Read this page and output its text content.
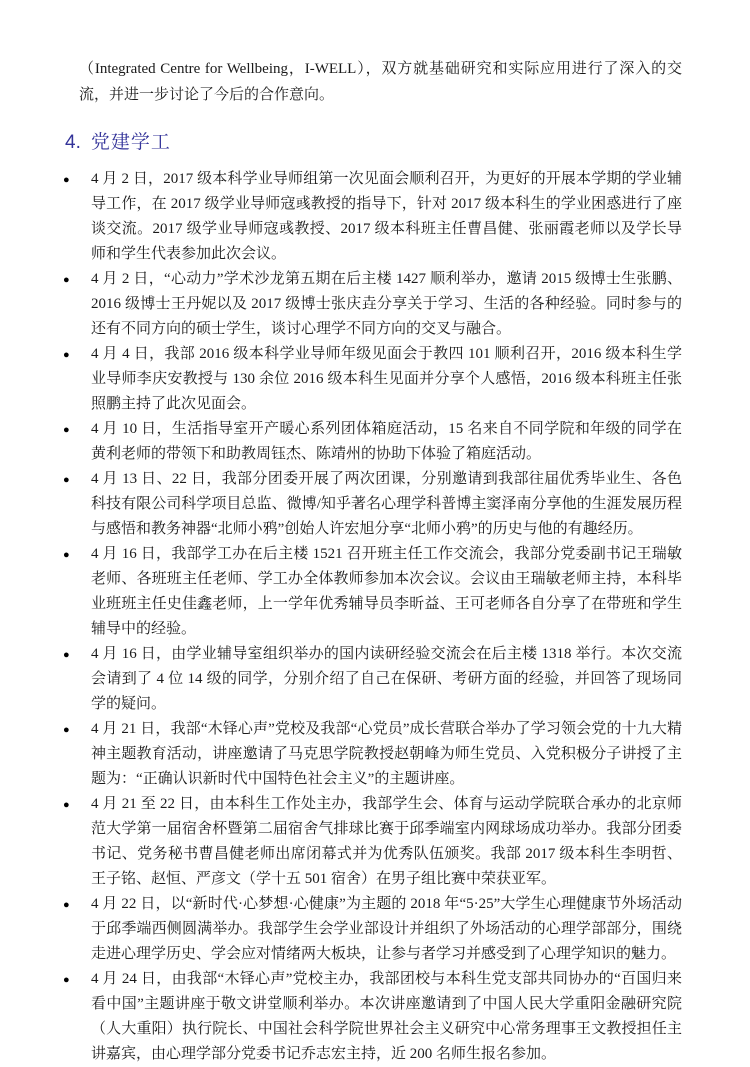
（Integrated Centre for Wellbeing，I-WELL），双方就基础研究和实际应用进行了深入的交流，并进一步讨论了今后的合作意向。

4. 党建学工
●	4 月 2 日，2017 级本科学业导师组第一次见面会顺利召开，为更好的开展本学期的学业辅导工作，在 2017 级学业导师寇彧教授的指导下，针对 2017 级本科生的学业困惑进行了座谈交流。2017 级学业导师寇彧教授、2017 级本科班主任曹昌健、张丽霞老师以及学长导师和学生代表参加此次会议。
●	4 月 2 日，“心动力”学术沙龙第五期在后主楼 1427 顺利举办，邀请 2015 级博士生张鹏、2016 级博士王丹妮以及 2017 级博士张庆垚分享关于学习、生活的各种经验。同时参与的还有不同方向的硕士学生，谈讨心理学不同方向的交叉与融合。
●	4 月 4 日，我部 2016 级本科学业导师年级见面会于教四 101 顺利召开，2016 级本科生学业导师李庆安教授与 130 余位 2016 级本科生见面并分享个人感悟，2016 级本科班主任张照鹏主持了此次见面会。
●	4 月 10 日，生活指导室开产暖心系列团体箱庭活动，15 名来自不同学院和年级的同学在黄利老师的带领下和助教周钰杰、陈靖州的协助下体验了箱庭活动。
●	4 月 13 日、22 日，我部分团委开展了两次团课，分别邀请到我部往届优秀毕业生、各色科技有限公司科学项目总监、微博/知乎著名心理学科普博主窦泽南分享他的生涯发展历程与感悟和教务神器“北师小鸦”创始人许宏旭分享“北师小鸦”的历史与他的有趣经历。
●	4 月 16 日，我部学工办在后主楼 1521 召开班主任工作交流会，我部分党委副书记王瑞敏老师、各班班主任老师、学工办全体教师参加本次会议。会议由王瑞敏老师主持，本科毕业班班主任史佳鑫老师，上一学年优秀辅导员李昕益、王可老师各自分享了在带班和学生辅导中的经验。
●	4 月 16 日，由学业辅导室组织举办的国内读研经验交流会在后主楼 1318 举行。本次交流会请到了 4 位 14 级的同学，分别介绍了自己在保研、考研方面的经验，并回答了现场同学的疑问。
●	4 月 21 日，我部“木铎心声”党校及我部“心党员”成长营联合举办了学习领会党的十九大精神主题教育活动，讲座邀请了马克思学院教授赵朝峰为师生党员、入党积极分子讲授了主题为：“正确认识新时代中国特色社会主义”的主题讲座。
●	4 月 21 至 22 日，由本科生工作处主办，我部学生会、体育与运动学院联合承办的北京师范大学第一届宿舍杯暨第二届宿舍气排球比赛于邱季端室内网球场成功举办。我部分团委书记、党务秘书曹昌健老师出席闭幕式并为优秀队伍颁奖。我部 2017 级本科生李明哲、王子铭、赵恒、严彦文（学十五 501 宿舍）在男子组比赛中荣获亚军。
●	4 月 22 日，以“新时代·心梦想·心健康”为主题的 2018 年“5·25”大学生心理健康节外场活动于邱季端西侧圆满举办。我部学生会学业部设计并组织了外场活动的心理学部部分，围绕走进心理学历史、学会应对情绪两大板块，让参与者学习并感受到了心理学知识的魅力。
●	4 月 24 日，由我部“木铎心声”党校主办，我部团校与本科生党支部共同协办的“百国归来看中国”主题讲座于敬文讲堂顺利举办。本次讲座邀请到了中国人民大学重阳金融研究院（人大重阳）执行院长、中国社会科学院世界社会主义研究中心常务理事王文教授担任主讲嘉宾，由心理学部分党委书记乔志宏主持，近 200 名师生报名参加。
